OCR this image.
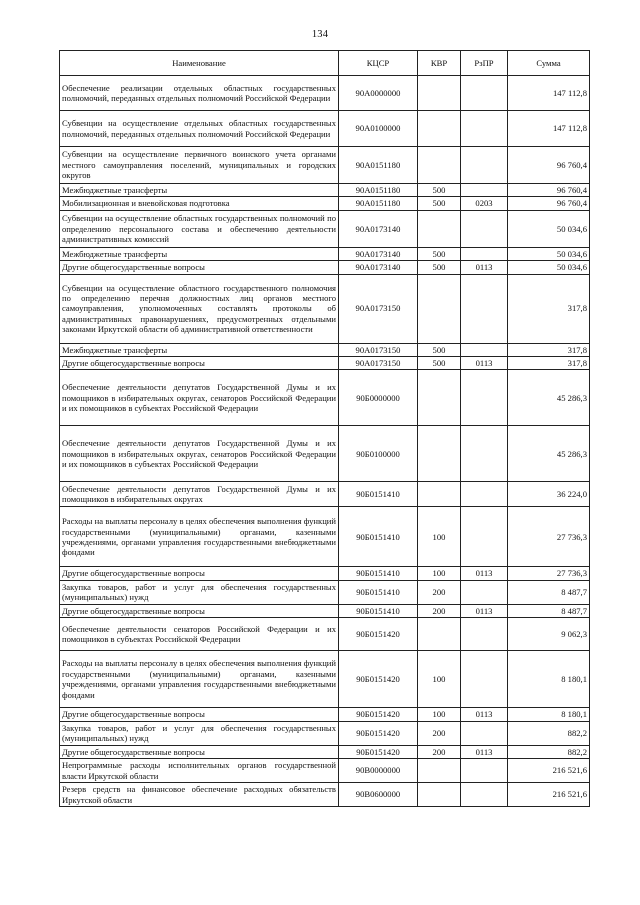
134
Наименование	КЦСР	КВР	РзПР	Сумма
Обеспечение реализации отдельных областных государственных полномочий, переданных отдельных полномочий Российской Федерации	90А0000000			147 112,8
Субвенции на осуществление отдельных областных государственных полномочий, переданных отдельных полномочий Российской Федерации	90А0100000			147 112,8
Субвенции на осуществление первичного воинского учета органами местного самоуправления поселений, муниципальных и городских округов	90А0151180			96 760,4
Межбюджетные трансферты	90А0151180	500		96 760,4
Мобилизационная и вневойсковая подготовка	90А0151180	500	0203	96 760,4
Субвенции на осуществление областных государственных полномочий по определению персонального состава и обеспечению деятельности административных комиссий	90А0173140			50 034,6
Межбюджетные трансферты	90А0173140	500		50 034,6
Другие общегосударственные вопросы	90А0173140	500	0113	50 034,6
Субвенции на осуществление областного государственного полномочия по определению перечня должностных лиц органов местного самоуправления, уполномоченных составлять протоколы об административных правонарушениях, предусмотренных отдельными законами Иркутской области об административной ответственности	90А0173150			317,8
Межбюджетные трансферты	90А0173150	500		317,8
Другие общегосударственные вопросы	90А0173150	500	0113	317,8
Обеспечение деятельности депутатов Государственной Думы и их помощников в избирательных округах, сенаторов Российской Федерации и их помощников в субъектах Российской Федерации	90Б0000000			45 286,3
Обеспечение деятельности депутатов Государственной Думы и их помощников в избирательных округах, сенаторов Российской Федерации и их помощников в субъектах Российской Федерации	90Б0100000			45 286,3
Обеспечение деятельности депутатов Государственной Думы и их помощников в избирательных округах	90Б0151410			36 224,0
Расходы на выплаты персоналу в целях обеспечения выполнения функций государственными (муниципальными) органами, казенными учреждениями, органами управления государственными внебюджетными фондами	90Б0151410	100		27 736,3
Другие общегосударственные вопросы	90Б0151410	100	0113	27 736,3
Закупка товаров, работ и услуг для обеспечения государственных (муниципальных) нужд	90Б0151410	200		8 487,7
Другие общегосударственные вопросы	90Б0151410	200	0113	8 487,7
Обеспечение деятельности сенаторов Российской Федерации и их помощников в субъектах Российской Федерации	90Б0151420			9 062,3
Расходы на выплаты персоналу в целях обеспечения выполнения функций государственными (муниципальными) органами, казенными учреждениями, органами управления государственными внебюджетными фондами	90Б0151420	100		8 180,1
Другие общегосударственные вопросы	90Б0151420	100	0113	8 180,1
Закупка товаров, работ и услуг для обеспечения государственных (муниципальных) нужд	90Б0151420	200		882,2
Другие общегосударственные вопросы	90Б0151420	200	0113	882,2
Непрограммные расходы исполнительных органов государственной власти Иркутской области	90В0000000			216 521,6
Резерв средств на финансовое обеспечение расходных обязательств Иркутской области	90В0600000			216 521,6
